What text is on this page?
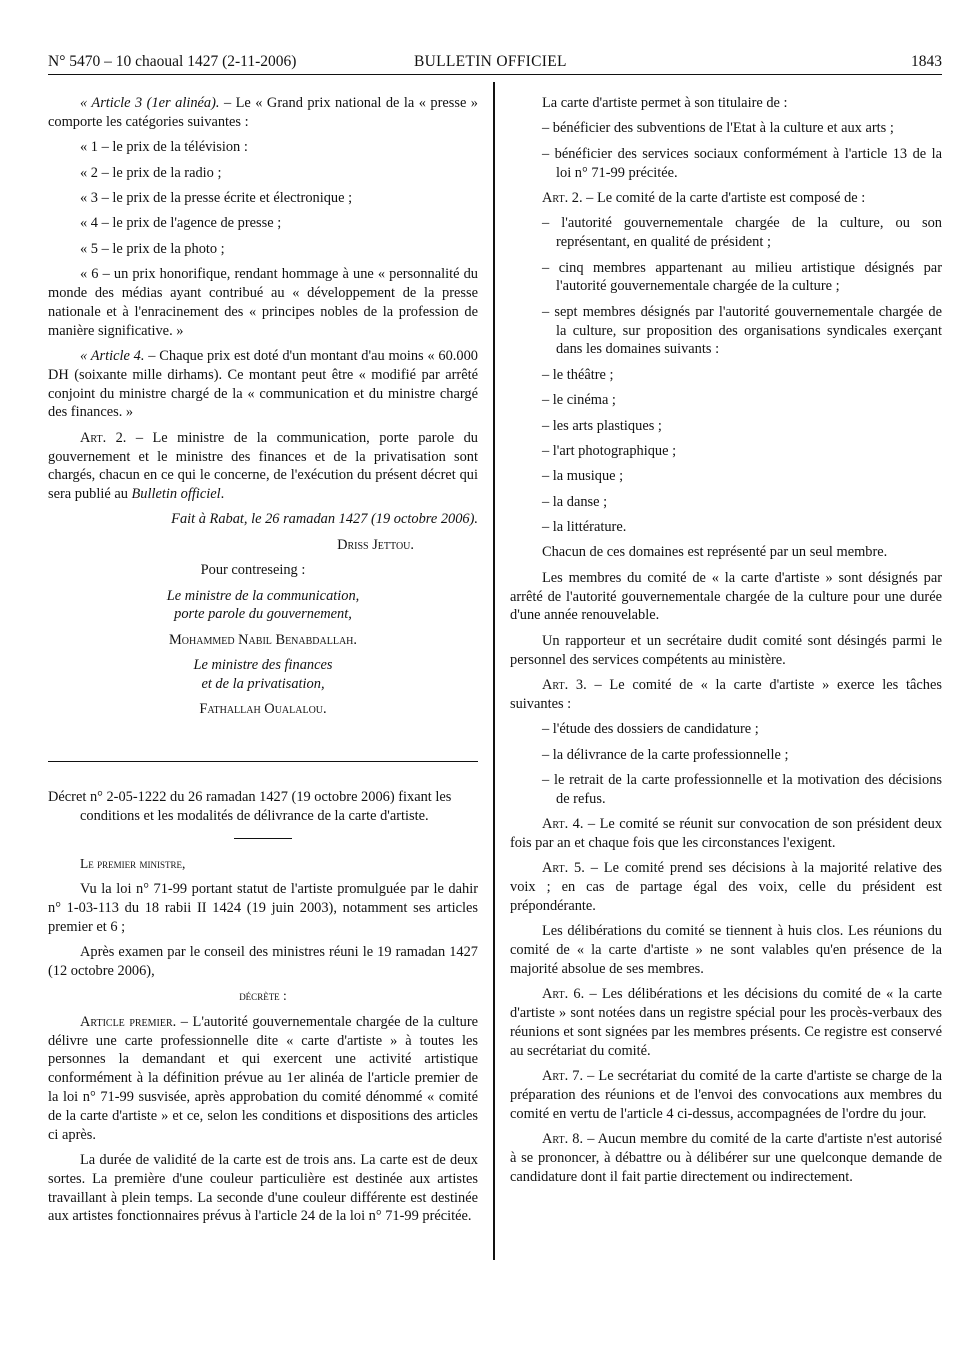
N° 5470 – 10 chaoual 1427 (2-11-2006)	BULLETIN OFFICIEL	1843

« Article 3 (1er alinéa). – Le « Grand prix national de la « presse » comporte les catégories suivantes :

« 1 – le prix de la télévision :

« 2 – le prix de la radio ;

« 3 – le prix de la presse écrite et électronique ;

« 4 – le prix de l'agence de presse ;

« 5 – le prix de la photo ;

« 6 – un prix honorifique, rendant hommage à une « personnalité du monde des médias ayant contribué au « développement de la presse nationale et à l'enracinement des « principes nobles de la profession de manière significative. »

« Article 4. – Chaque prix est doté d'un montant d'au moins « 60.000 DH (soixante mille dirhams). Ce montant peut être « modifié par arrêté conjoint du ministre chargé de la « communication et du ministre chargé des finances. »

Art. 2. – Le ministre de la communication, porte parole du gouvernement et le ministre des finances et de la privatisation sont chargés, chacun en ce qui le concerne, de l'exécution du présent décret qui sera publié au Bulletin officiel.

Fait à Rabat, le 26 ramadan 1427 (19 octobre 2006).

Driss Jettou.

Pour contreseing :

Le ministre de la communication,

porte parole du gouvernement,

Mohammed Nabil Benabdallah.

Le ministre des finances

et de la privatisation,

Fathallah Oualalou.

Décret n° 2-05-1222 du 26 ramadan 1427 (19 octobre 2006) fixant les conditions et les modalités de délivrance de la carte d'artiste.

Le premier ministre,

Vu la loi n° 71-99 portant statut de l'artiste promulguée par le dahir n° 1-03-113 du 18 rabii II 1424 (19 juin 2003), notamment ses articles premier et 6 ;

Après examen par le conseil des ministres réuni le 19 ramadan 1427 (12 octobre 2006),

décrète :

Article premier. – L'autorité gouvernementale chargée de la culture délivre une carte professionnelle dite « carte d'artiste » à toutes les personnes la demandant et qui exercent une activité artistique conformément à la définition prévue au 1er alinéa de l'article premier de la loi n° 71-99 susvisée, après approbation du comité dénommé « comité de la carte d'artiste » et ce, selon les conditions et dispositions des articles ci après.

La durée de validité de la carte est de trois ans. La carte est de deux sortes. La première d'une couleur particulière est destinée aux artistes travaillant à plein temps. La seconde d'une couleur différente est destinée aux artistes fonctionnaires prévus à l'article 24 de la loi n° 71-99 précitée.

La carte d'artiste permet à son titulaire de :

– bénéficier des subventions de l'Etat à la culture et aux arts ;

– bénéficier des services sociaux conformément à l'article 13 de la loi n° 71-99 précitée.

Art. 2. – Le comité de la carte d'artiste est composé de :

– l'autorité gouvernementale chargée de la culture, ou son représentant, en qualité de président ;

– cinq membres appartenant au milieu artistique désignés par l'autorité gouvernementale chargée de la culture ;

– sept membres désignés par l'autorité gouvernementale chargée de la culture, sur proposition des organisations syndicales exerçant dans les domaines suivants :

– le théâtre ;

– le cinéma ;

– les arts plastiques ;

– l'art photographique ;

– la musique ;

– la danse ;

– la littérature.

Chacun de ces domaines est représenté par un seul membre.

Les membres du comité de « la carte d'artiste » sont désignés par arrêté de l'autorité gouvernementale chargée de la culture pour une durée d'une année renouvelable.

Un rapporteur et un secrétaire dudit comité sont désingés parmi le personnel des services compétents au ministère.

Art. 3. – Le comité de « la carte d'artiste » exerce les tâches suivantes :

– l'étude des dossiers de candidature ;

– la délivrance de la carte professionnelle ;

– le retrait de la carte professionnelle et la motivation des décisions de refus.

Art. 4. – Le comité se réunit sur convocation de son président deux fois par an et chaque fois que les circonstances l'exigent.

Art. 5. – Le comité prend ses décisions à la majorité relative des voix ; en cas de partage égal des voix, celle du président est prépondérante.

Les délibérations du comité se tiennent à huis clos. Les réunions du comité de « la carte d'artiste » ne sont valables qu'en présence de la majorité absolue de ses membres.

Art. 6. – Les délibérations et les décisions du comité de « la carte d'artiste » sont notées dans un registre spécial pour les procès-verbaux des réunions et sont signées par les membres présents. Ce registre est conservé au secrétariat du comité.

Art. 7. – Le secrétariat du comité de la carte d'artiste se charge de la préparation des réunions et de l'envoi des convocations aux membres du comité en vertu de l'article 4 ci-dessus, accompagnées de l'ordre du jour.

Art. 8. – Aucun membre du comité de la carte d'artiste n'est autorisé à se prononcer, à débattre ou à délibérer sur une quelconque demande de candidature dont il fait partie directement ou indirectement.
